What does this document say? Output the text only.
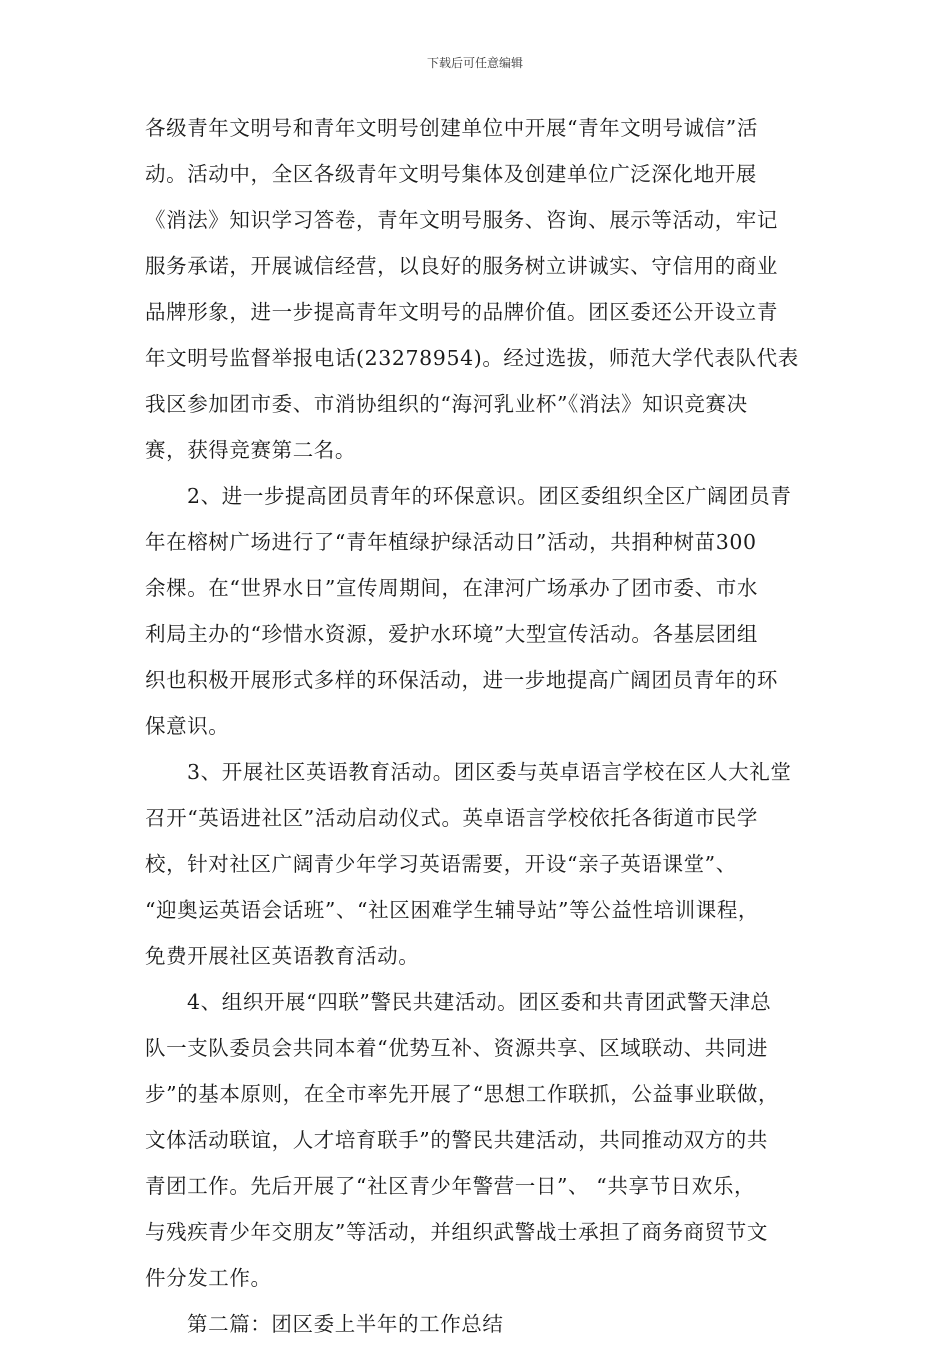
下载后可任意编辑
各级青年文明号和青年文明号创建单位中开展“青年文明号诚信”活
动。活动中，全区各级青年文明号集体及创建单位广泛深化地开展
《消法》知识学习答卷，青年文明号服务、咨询、展示等活动，牢记
服务承诺，开展诚信经营，以良好的服务树立讲诚实、守信用的商业
品牌形象，进一步提高青年文明号的品牌价值。团区委还公开设立青
年文明号监督举报电话(23278954)。经过选拔，师范大学代表队代表
我区参加团市委、市消协组织的“海河乳业杯”《消法》知识竞赛决
赛，获得竞赛第二名。
2、进一步提高团员青年的环保意识。团区委组织全区广阔团员青
年在榕树广场进行了“青年植绿护绿活动日”活动，共捐种树苗300
余棵。在“世界水日”宣传周期间，在津河广场承办了团市委、市水
利局主办的“珍惜水资源，爱护水环境”大型宣传活动。各基层团组
织也积极开展形式多样的环保活动，进一步地提高广阔团员青年的环
保意识。
3、开展社区英语教育活动。团区委与英卓语言学校在区人大礼堂
召开“英语进社区”活动启动仪式。英卓语言学校依托各街道市民学
校，针对社区广阔青少年学习英语需要，开设“亲子英语课堂”、
“迎奥运英语会话班”、“社区困难学生辅导站”等公益性培训课程，
免费开展社区英语教育活动。
4、组织开展“四联”警民共建活动。团区委和共青团武警天津总
队一支队委员会共同本着“优势互补、资源共享、区域联动、共同进
步”的基本原则，在全市率先开展了“思想工作联抓，公益事业联做，
文体活动联谊，人才培育联手”的警民共建活动，共同推动双方的共
青团工作。先后开展了“社区青少年警营一日”、 “共享节日欢乐，
与残疾青少年交朋友”等活动，并组织武警战士承担了商务商贸节文
件分发工作。
第二篇：团区委上半年的工作总结
